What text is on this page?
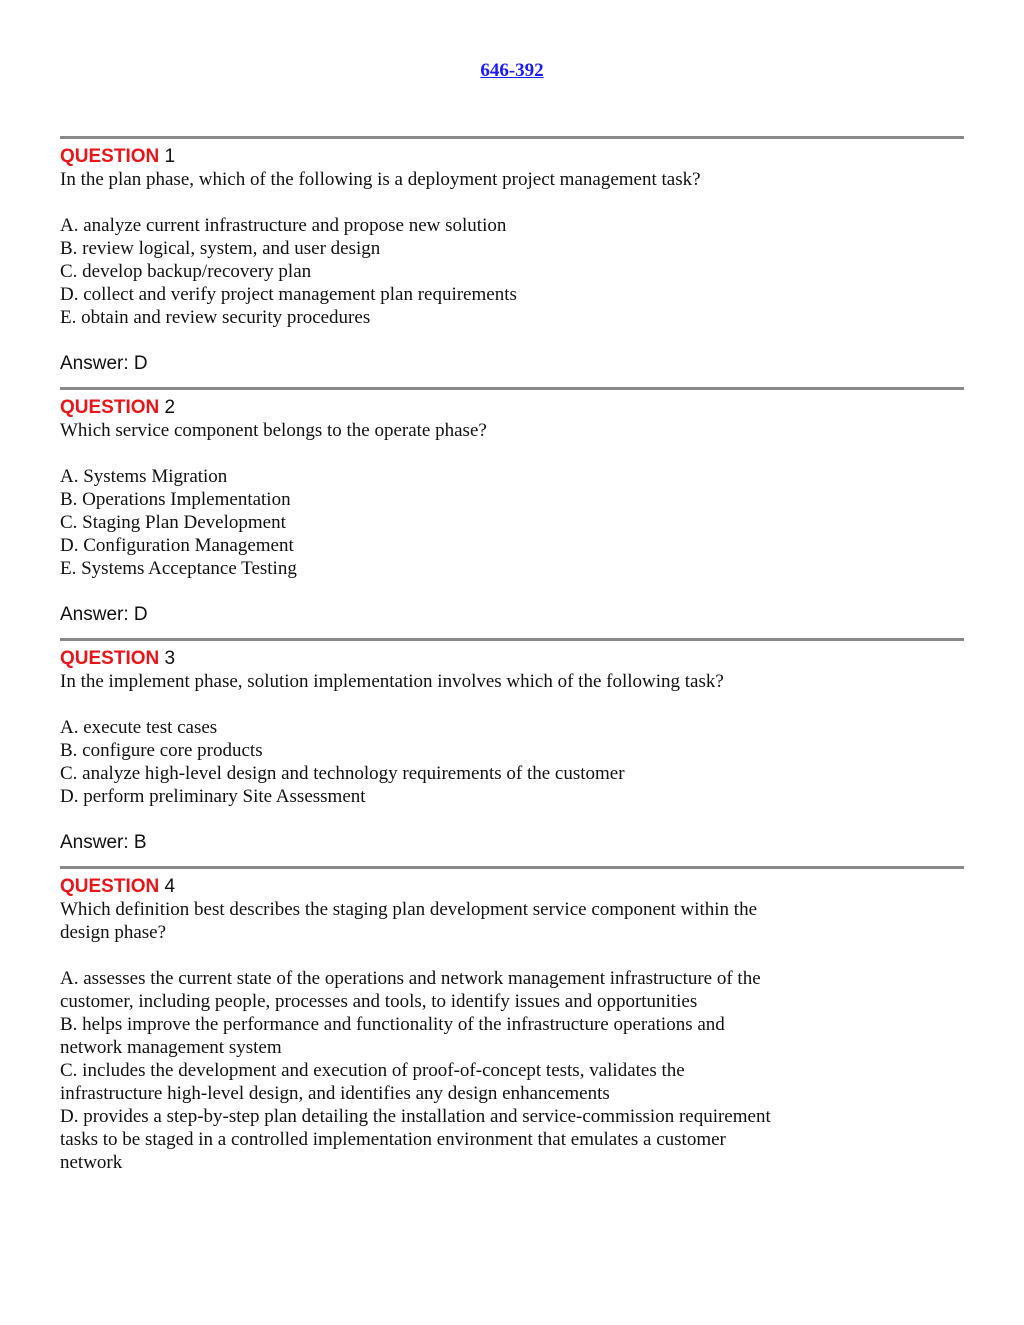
646-392

QUESTION 1

In the plan phase, which of the following is a deployment project management task?

A. analyze current infrastructure and propose new solution
B. review logical, system, and user design
C. develop backup/recovery plan
D. collect and verify project management plan requirements
E. obtain and review security procedures

Answer: D

QUESTION 2

Which service component belongs to the operate phase?

A. Systems Migration
B. Operations Implementation
C. Staging Plan Development
D. Configuration Management
E. Systems Acceptance Testing

Answer: D

QUESTION 3

In the implement phase, solution implementation involves which of the following task?

A. execute test cases
B. configure core products
C. analyze high-level design and technology requirements of the customer
D. perform preliminary Site Assessment

Answer: B

QUESTION 4

Which definition best describes the staging plan development service component within the design phase?

A. assesses the current state of the operations and network management infrastructure of the customer, including people, processes and tools, to identify issues and opportunities
B. helps improve the performance and functionality of the infrastructure operations and network management system
C. includes the development and execution of proof-of-concept tests, validates the infrastructure high-level design, and identifies any design enhancements
D. provides a step-by-step plan detailing the installation and service-commission requirement tasks to be staged in a controlled implementation environment that emulates a customer network
